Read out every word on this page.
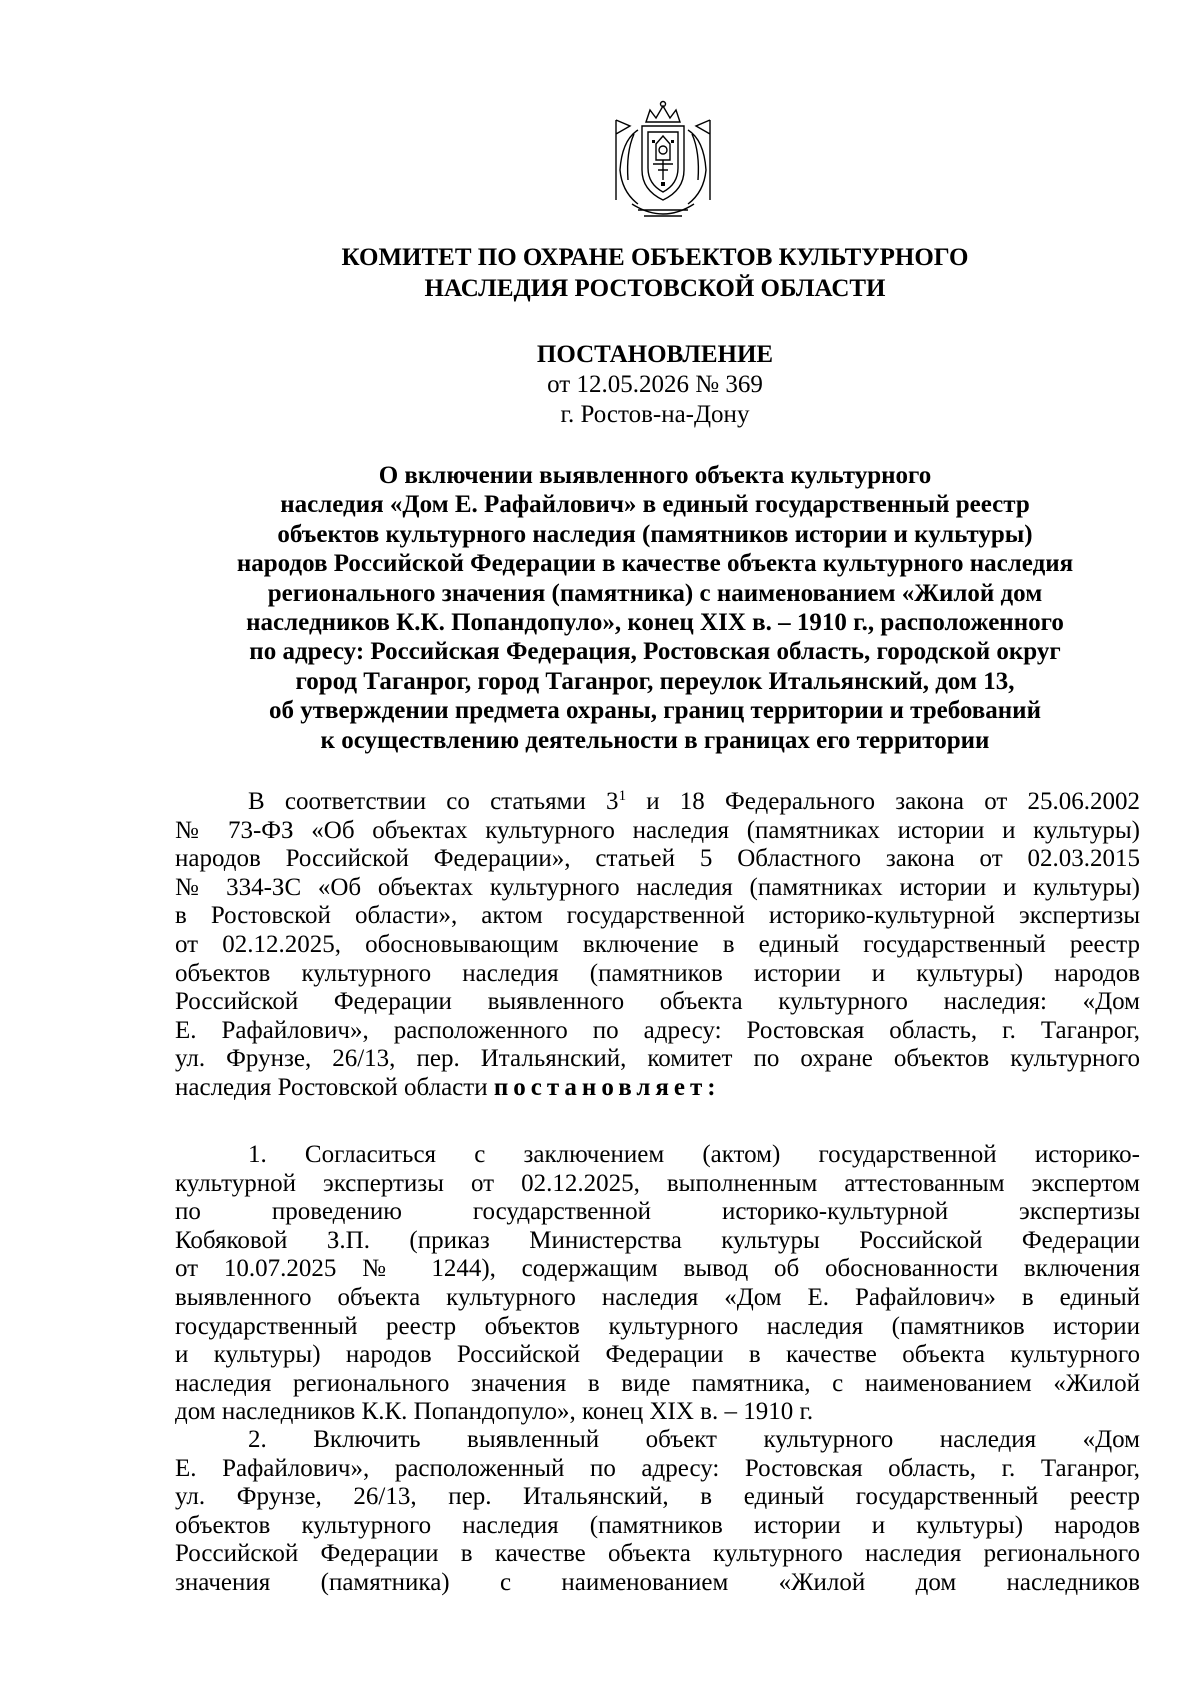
КОМИТЕТ ПО ОХРАНЕ ОБЪЕКТОВ КУЛЬТУРНОГО
НАСЛЕДИЯ РОСТОВСКОЙ ОБЛАСТИ
ПОСТАНОВЛЕНИЕ
от 12.05.2026 № 369
г. Ростов-на-Дону
О включении выявленного объекта культурного
наследия «Дом Е. Рафайлович» в единый государственный реестр
объектов культурного наследия (памятников истории и культуры)
народов Российской Федерации в качестве объекта культурного наследия
регионального значения (памятника) с наименованием «Жилой дом
наследников К.К. Попандопуло», конец XIX в. – 1910 г., расположенного
по адресу: Российская Федерация, Ростовская область, городской округ
город Таганрог, город Таганрог, переулок Итальянский, дом 13,
об утверждении предмета охраны, границ территории и требований
к осуществлению деятельности в границах его территории
В соответствии со статьями $3^1$ и 18 Федерального закона от 25.06.2002
№ 73-ФЗ «Об объектах культурного наследия (памятниках истории и культуры)
народов Российской Федерации», статьей 5 Областного закона от 02.03.2015
№ 334-ЗС «Об объектах культурного наследия (памятниках истории и культуры)
в Ростовской области», актом государственной историко-культурной экспертизы
от 02.12.2025, обосновывающим включение в единый государственный реестр
объектов культурного наследия (памятников истории и культуры) народов
Российской Федерации выявленного объекта культурного наследия: «Дом
Е. Рафайлович», расположенного по адресу: Ростовская область, г. Таганрог,
ул. Фрунзе, 26/13, пер. Итальянский, комитет по охране объектов культурного
наследия Ростовской области постановляет:
1. Согласиться с заключением (актом) государственной историко-
культурной экспертизы от 02.12.2025, выполненным аттестованным экспертом
по проведению государственной историко-культурной экспертизы
Кобяковой З.П. (приказ Министерства культуры Российской Федерации
от 10.07.2025 № 1244), содержащим вывод об обоснованности включения
выявленного объекта культурного наследия «Дом Е. Рафайлович» в единый
государственный реестр объектов культурного наследия (памятников истории
и культуры) народов Российской Федерации в качестве объекта культурного
наследия регионального значения в виде памятника, с наименованием «Жилой
дом наследников К.К. Попандопуло», конец XIX в. – 1910 г.
2. Включить выявленный объект культурного наследия «Дом
Е. Рафайлович», расположенный по адресу: Ростовская область, г. Таганрог,
ул. Фрунзе, 26/13, пер. Итальянский, в единый государственный реестр
объектов культурного наследия (памятников истории и культуры) народов
Российской Федерации в качестве объекта культурного наследия регионального
значения (памятника) с наименованием «Жилой дом наследников
